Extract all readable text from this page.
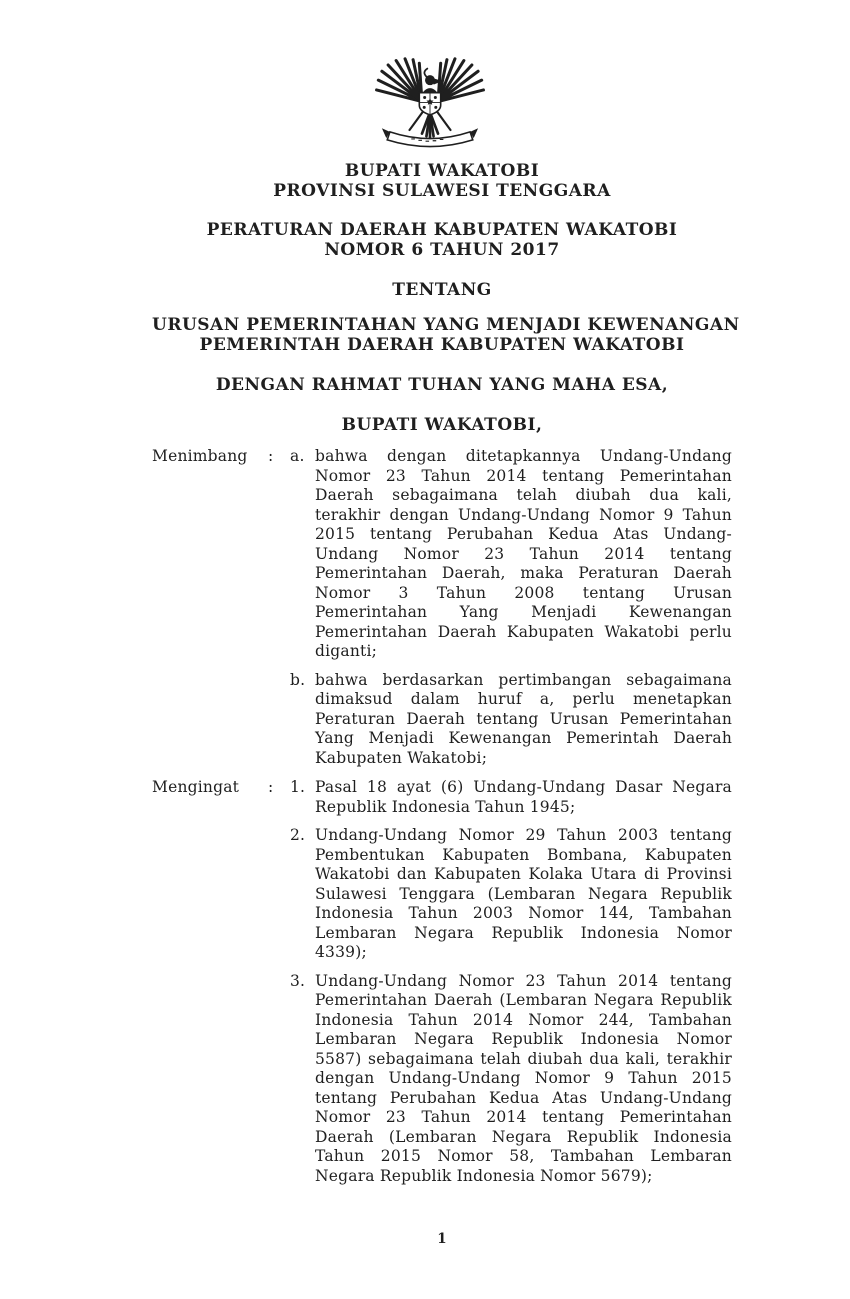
BUPATI WAKATOBI
PROVINSI SULAWESI TENGGARA
PERATURAN DAERAH KABUPATEN WAKATOBI
NOMOR 6 TAHUN 2017
TENTANG
URUSAN PEMERINTAHAN YANG MENJADI KEWENANGAN
PEMERINTAH DAERAH KABUPATEN WAKATOBI
DENGAN RAHMAT TUHAN YANG MAHA ESA,
BUPATI WAKATOBI,
Menimbang	:	a. bahwa dengan ditetapkannya Undang-Undang Nomor 23 Tahun 2014 tentang Pemerintahan Daerah sebagaimana telah diubah dua kali, terakhir dengan Undang-Undang Nomor 9 Tahun 2015 tentang Perubahan Kedua Atas Undang-Undang Nomor 23 Tahun 2014 tentang Pemerintahan Daerah, maka Peraturan Daerah Nomor 3 Tahun 2008 tentang Urusan Pemerintahan Yang Menjadi Kewenangan Pemerintahan Daerah Kabupaten Wakatobi perlu diganti;

b. bahwa berdasarkan pertimbangan sebagaimana dimaksud dalam huruf a, perlu menetapkan Peraturan Daerah tentang Urusan Pemerintahan Yang Menjadi Kewenangan Pemerintah Daerah Kabupaten Wakatobi;

Mengingat	:	1. Pasal 18 ayat (6) Undang-Undang Dasar Negara Republik Indonesia Tahun 1945;

2. Undang-Undang Nomor 29 Tahun 2003 tentang Pembentukan Kabupaten Bombana, Kabupaten Wakatobi dan Kabupaten Kolaka Utara di Provinsi Sulawesi Tenggara (Lembaran Negara Republik Indonesia Tahun 2003 Nomor 144, Tambahan Lembaran Negara Republik Indonesia Nomor 4339);

3. Undang-Undang Nomor 23 Tahun 2014 tentang Pemerintahan Daerah (Lembaran Negara Republik Indonesia Tahun 2014 Nomor 244, Tambahan Lembaran Negara Republik Indonesia Nomor 5587) sebagaimana telah diubah dua kali, terakhir dengan Undang-Undang Nomor 9 Tahun 2015 tentang Perubahan Kedua Atas Undang-Undang Nomor 23 Tahun 2014 tentang Pemerintahan Daerah (Lembaran Negara Republik Indonesia Tahun 2015 Nomor 58, Tambahan Lembaran Negara Republik Indonesia Nomor 5679);

1
